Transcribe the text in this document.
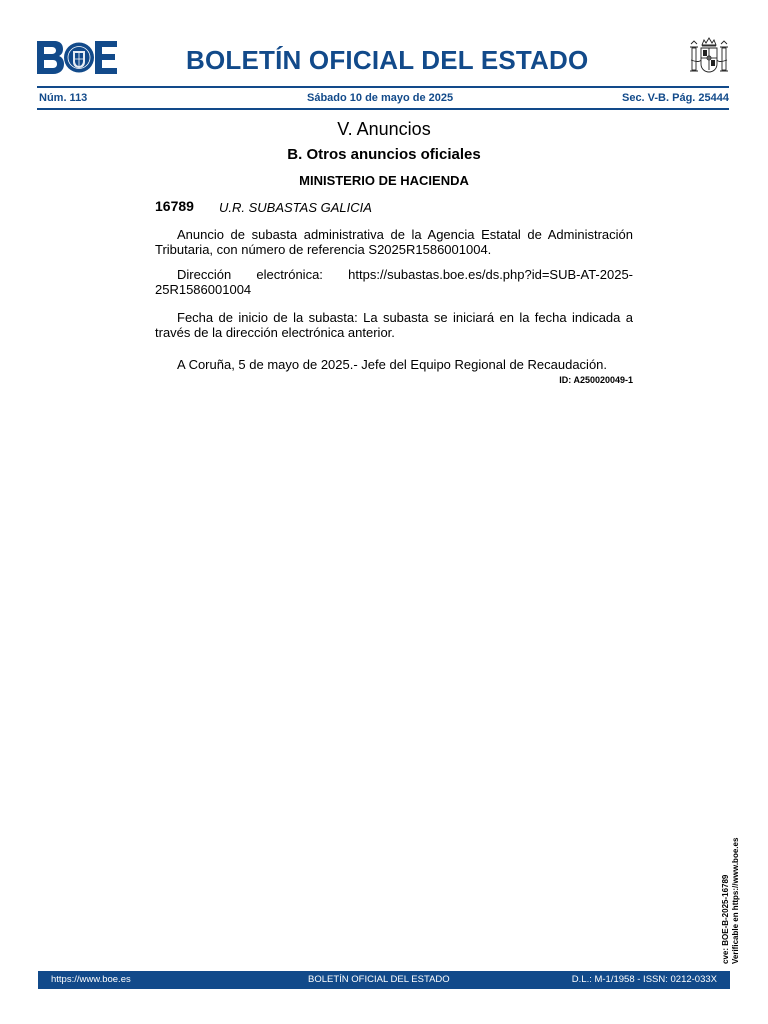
BOLETÍN OFICIAL DEL ESTADO
Núm. 113	Sábado 10 de mayo de 2025	Sec. V-B. Pág. 25444
V. Anuncios
B. Otros anuncios oficiales
MINISTERIO DE HACIENDA
16789 U.R. SUBASTAS GALICIA
Anuncio de subasta administrativa de la Agencia Estatal de Administración Tributaria, con número de referencia S2025R1586001004.
Dirección electrónica: https://subastas.boe.es/ds.php?id=SUB-AT-2025-25R1586001004
Fecha de inicio de la subasta: La subasta se iniciará en la fecha indicada a través de la dirección electrónica anterior.
A Coruña, 5 de mayo de 2025.- Jefe del Equipo Regional de Recaudación.
ID: A250020049-1
cve: BOE-B-2025-16789 Verificable en https://www.boe.es
https://www.boe.es	BOLETÍN OFICIAL DEL ESTADO	D.L.: M-1/1958 - ISSN: 0212-033X
